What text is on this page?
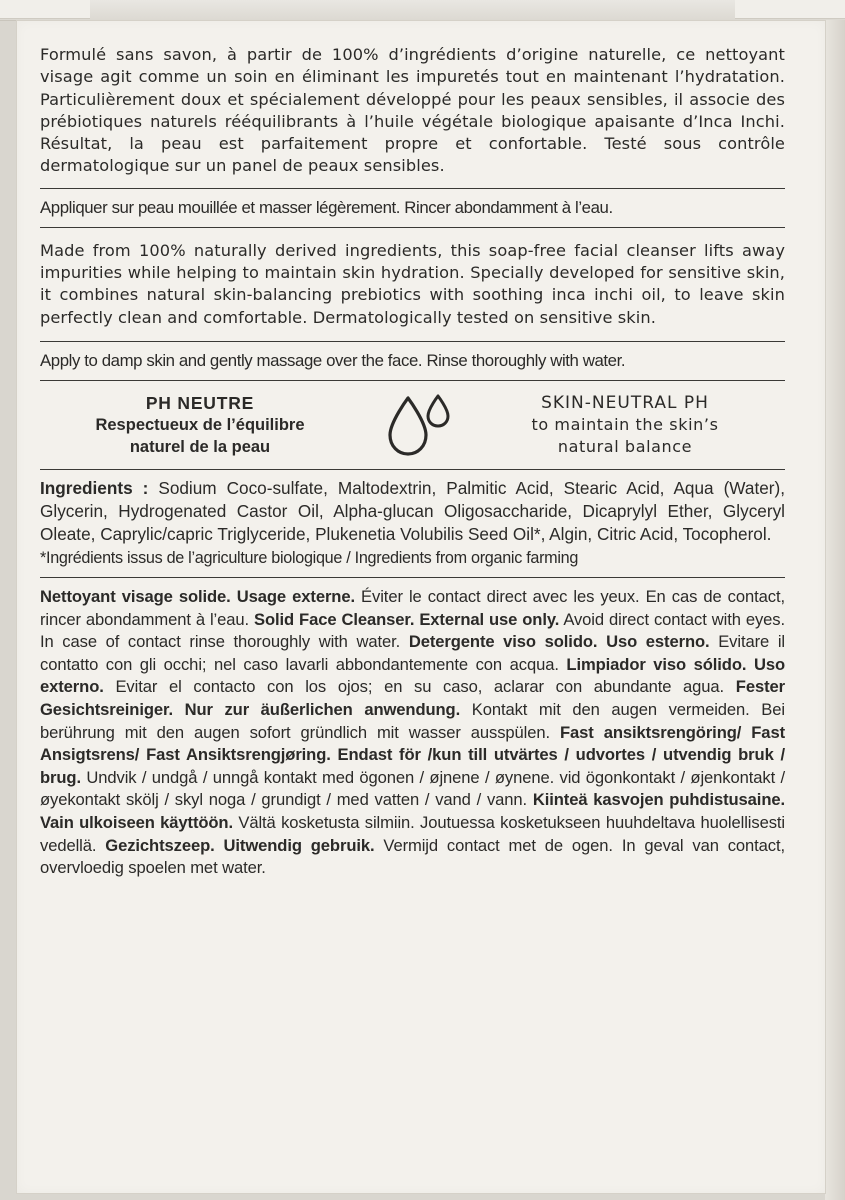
Formulé sans savon, à partir de 100% d’ingrédients d’origine naturelle, ce nettoyant visage agit comme un soin en éliminant les impuretés tout en maintenant l’hydratation. Particulièrement doux et spécialement développé pour les peaux sensibles, il associe des prébiotiques naturels rééquilibrants à l’huile végétale biologique apaisante d’Inca Inchi. Résultat, la peau est parfaitement propre et confortable. Testé sous contrôle dermatologique sur un panel de peaux sensibles.
Appliquer sur peau mouillée et masser légèrement. Rincer abondamment à l’eau.
Made from 100% naturally derived ingredients, this soap-free facial cleanser lifts away impurities while helping to maintain skin hydration. Specially developed for sensitive skin, it combines natural skin-balancing prebiotics with soothing inca inchi oil, to leave skin perfectly clean and comfortable. Dermatologically tested on sensitive skin.
Apply to damp skin and gently massage over the face. Rinse thoroughly with water.
PH NEUTRE
Respectueux de l’équilibre
naturel de la peau
SKIN-NEUTRAL PH
to maintain the skin’s
natural balance
Ingredients : Sodium Coco-sulfate, Maltodextrin, Palmitic Acid, Stearic Acid, Aqua (Water), Glycerin, Hydrogenated Castor Oil, Alpha-glucan Oligosaccharide, Dicaprylyl Ether, Glyceryl Oleate, Caprylic/capric Triglyceride, Plukenetia Volubilis Seed Oil*, Algin, Citric Acid, Tocopherol.
*Ingrédients issus de l’agriculture biologique / Ingredients from organic farming
Nettoyant visage solide. Usage externe. Éviter le contact direct avec les yeux. En cas de contact, rincer abondamment à l’eau. Solid Face Cleanser. External use only. Avoid direct contact with eyes. In case of contact rinse thoroughly with water. Detergente viso solido. Uso esterno. Evitare il contatto con gli occhi; nel caso lavarli abbondantemente con acqua. Limpiador viso sólido. Uso externo. Evitar el contacto con los ojos; en su caso, aclarar con abundante agua. Fester Gesichtsreiniger. Nur zur äußerlichen anwendung. Kontakt mit den augen vermeiden. Bei berührung mit den augen sofort gründlich mit wasser ausspülen. Fast ansiktsrengöring/ Fast Ansigtsrens/ Fast Ansiktsrengjøring. Endast för /kun till utvärtes / udvortes / utvendig bruk / brug. Undvik / undgå / unngå kontakt med ögonen / øjnene / øynene. vid ögonkontakt / øjenkontakt / øyekontakt skölj / skyl noga / grundigt / med vatten / vand / vann. Kiinteä kasvojen puhdistusaine. Vain ulkoiseen käyttöön. Vältä kosketusta silmiin. Joutuessa kosketukseen huuhdeltava huolellisesti vedellä. Gezichtszeep. Uitwendig gebruik. Vermijd contact met de ogen. In geval van contact, overvloedig spoelen met water.
